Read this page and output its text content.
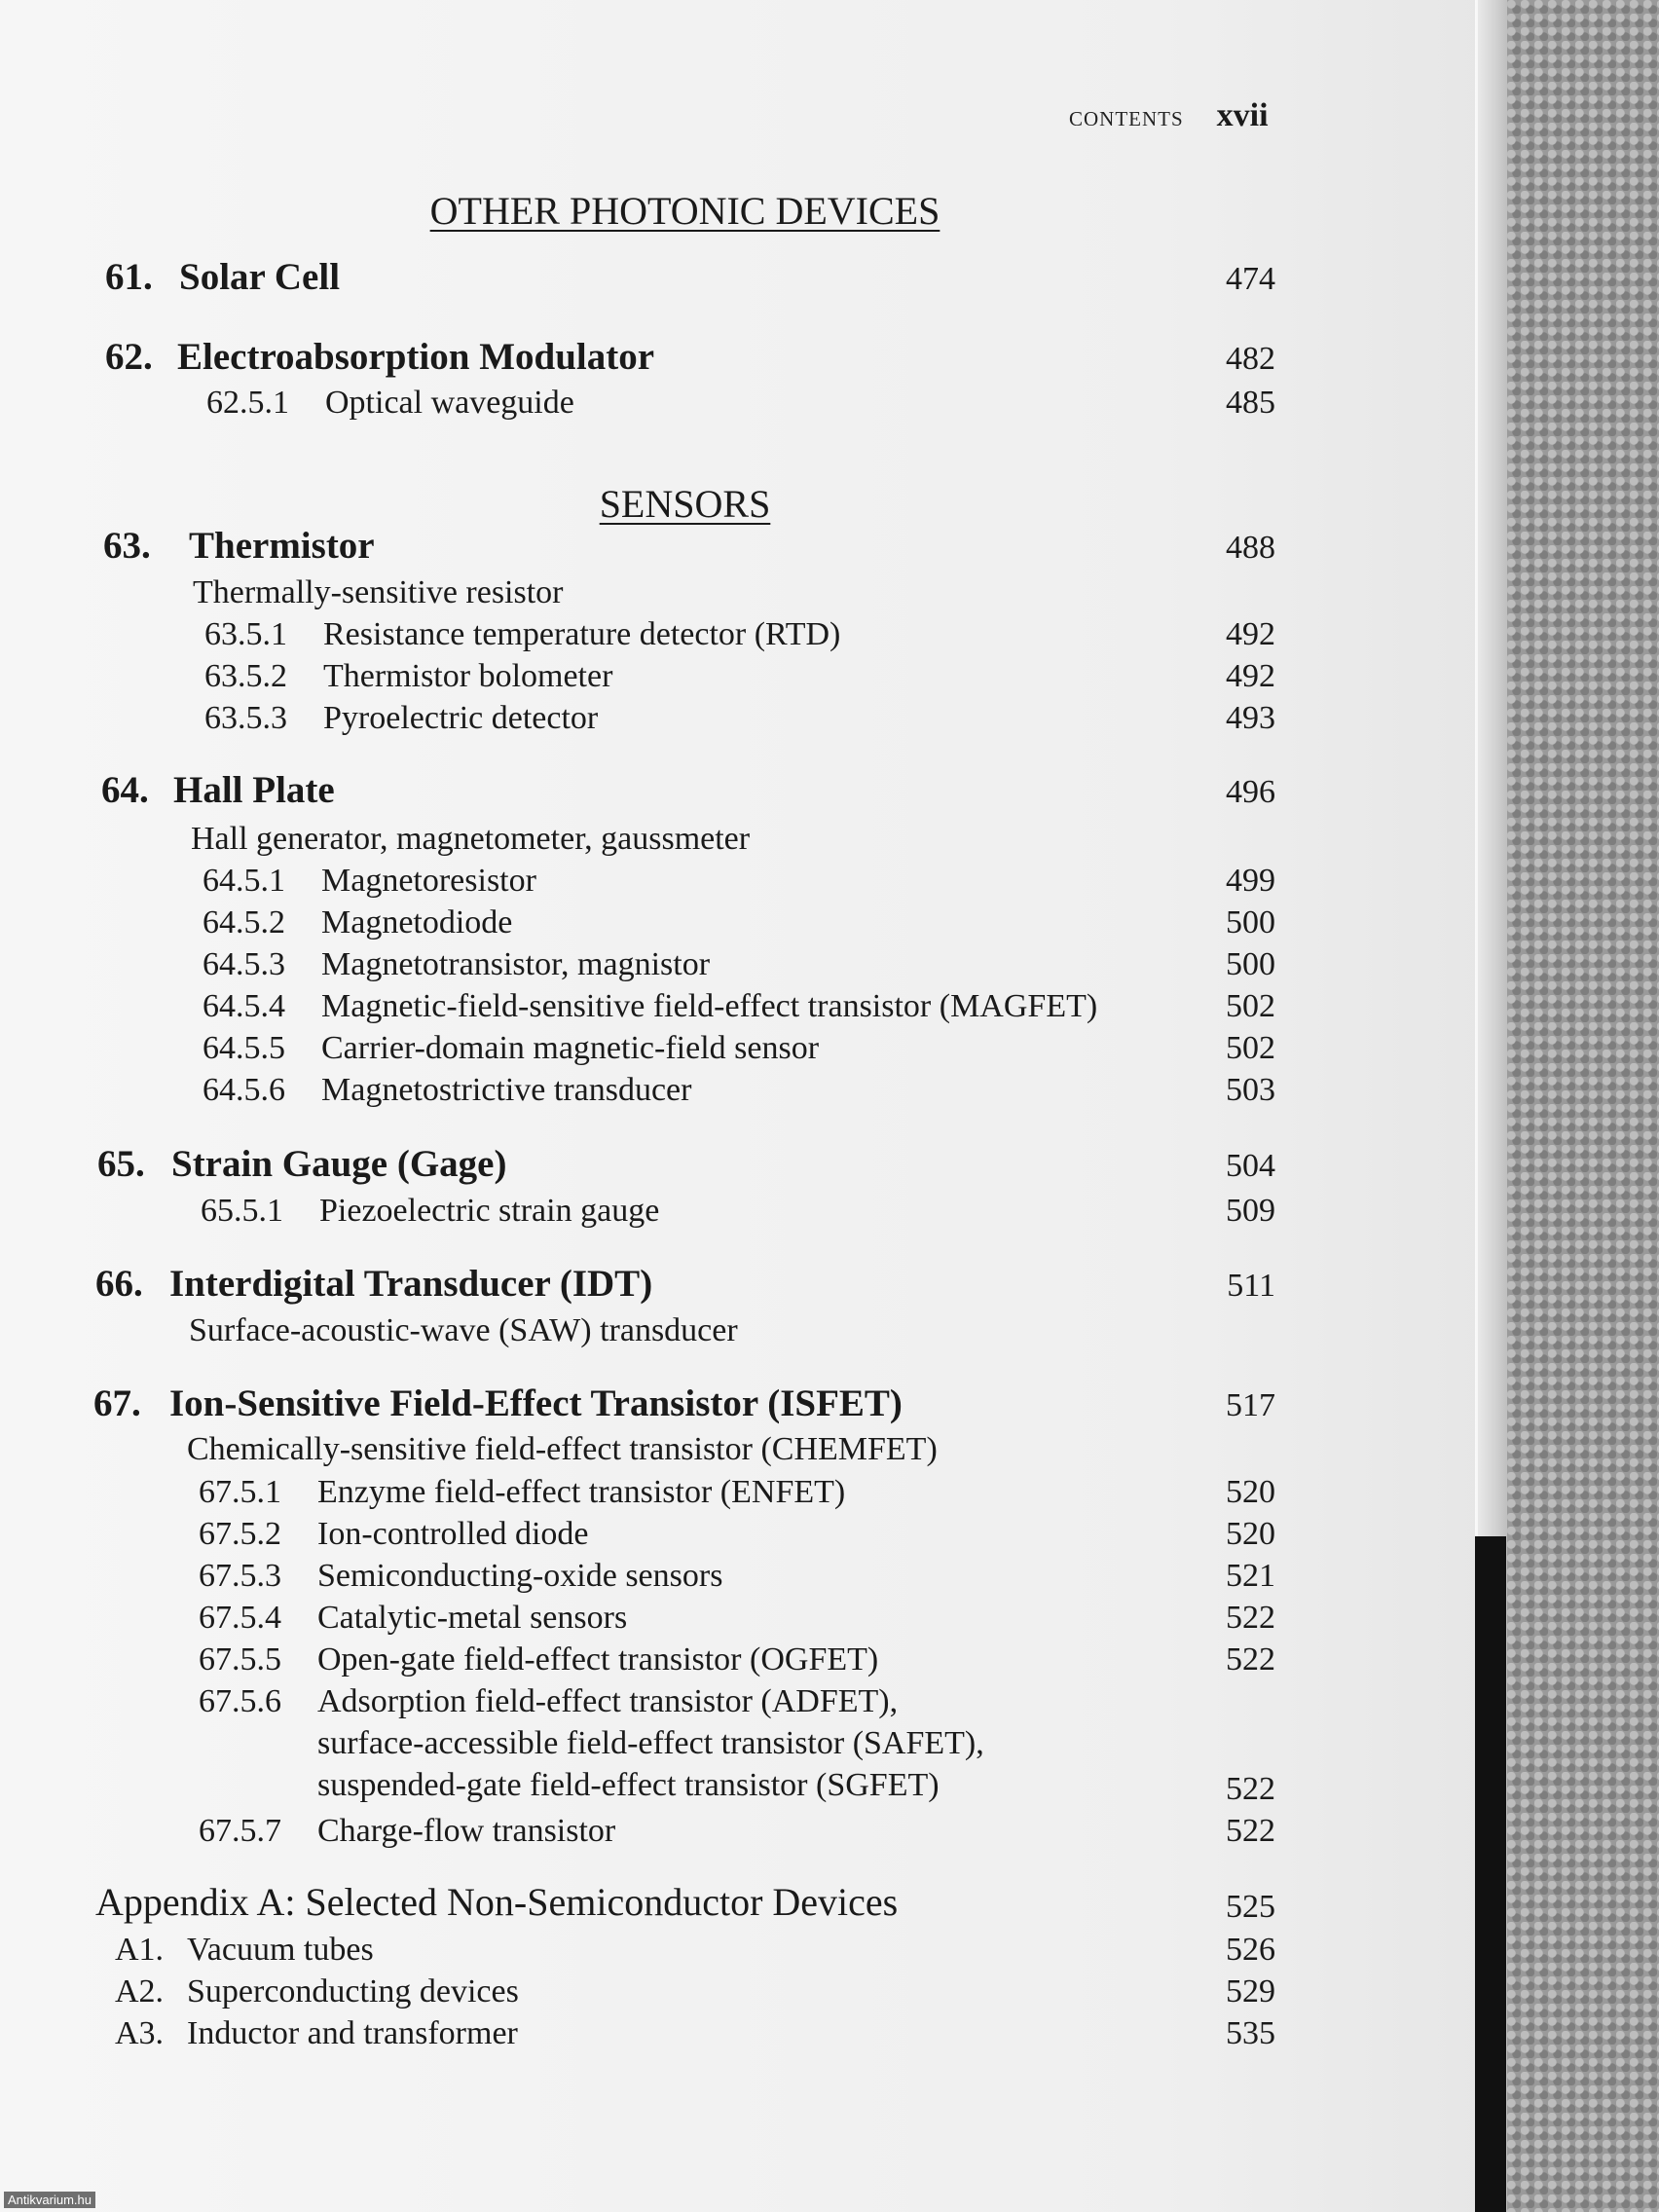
CONTENTS xvii
OTHER PHOTONIC DEVICES
61. Solar Cell	474
62. Electroabsorption Modulator	482
62.5.1 Optical waveguide	485
SENSORS
63. Thermistor	488
Thermally-sensitive resistor
63.5.1 Resistance temperature detector (RTD)	492
63.5.2 Thermistor bolometer	492
63.5.3 Pyroelectric detector	493
64. Hall Plate	496
Hall generator, magnetometer, gaussmeter
64.5.1 Magnetoresistor	499
64.5.2 Magnetodiode	500
64.5.3 Magnetotransistor, magnistor	500
64.5.4 Magnetic-field-sensitive field-effect transistor (MAGFET)	502
64.5.5 Carrier-domain magnetic-field sensor	502
64.5.6 Magnetostrictive transducer	503
65. Strain Gauge (Gage)	504
65.5.1 Piezoelectric strain gauge	509
66. Interdigital Transducer (IDT)	511
Surface-acoustic-wave (SAW) transducer
67. Ion-Sensitive Field-Effect Transistor (ISFET)	517
Chemically-sensitive field-effect transistor (CHEMFET)
67.5.1 Enzyme field-effect transistor (ENFET)	520
67.5.2 Ion-controlled diode	520
67.5.3 Semiconducting-oxide sensors	521
67.5.4 Catalytic-metal sensors	522
67.5.5 Open-gate field-effect transistor (OGFET)	522
67.5.6 Adsorption field-effect transistor (ADFET),
surface-accessible field-effect transistor (SAFET),
suspended-gate field-effect transistor (SGFET)	522
67.5.7 Charge-flow transistor	522
Appendix A: Selected Non-Semiconductor Devices	525
A1. Vacuum tubes	526
A2. Superconducting devices	529
A3. Inductor and transformer	535
Antikvarium.hu
